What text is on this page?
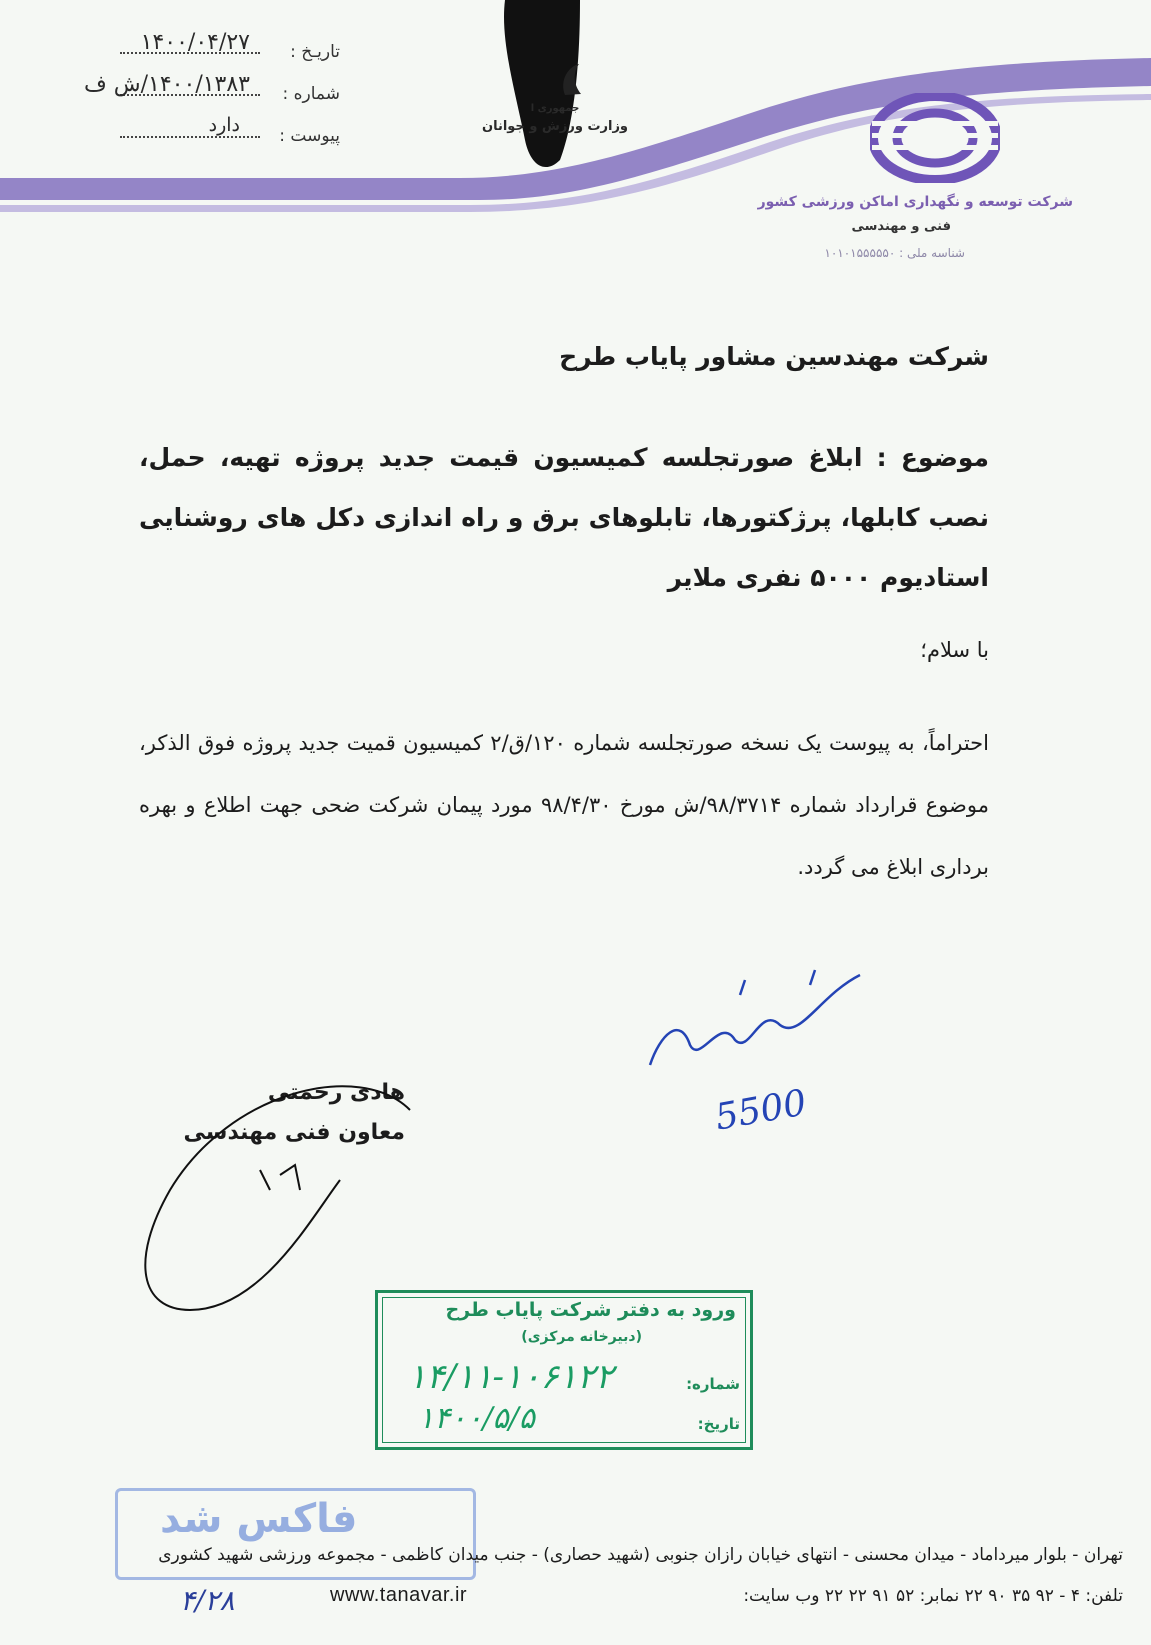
جمهوری ا
وزارت ورزش و جوانان
تاریـخ :
۱۴۰۰/۰۴/۲۷
شماره :
۱۴۰۰/۱۳۸۳/ش ف
پیوست :
دارد
شرکت توسعه و نگهداری اماکن ورزشی کشور
فنی و مهندسی
شناسه ملی : ۱۰۱۰۱۵۵۵۵۵۰
شرکت مهندسین مشاور پایاب طرح
موضوع : ابلاغ صورتجلسه کمیسیون قیمت جدید پروژه تهیه، حمل، نصب کابلها، پرژکتورها، تابلوهای برق و راه اندازی دکل های روشنایی استادیوم ۵۰۰۰ نفری ملایر
با سلام؛
احتراماً، به پیوست یک نسخه صورتجلسه شماره ۱۲۰/ق/۲ کمیسیون قمیت جدید پروژه فوق الذکر، موضوع قرارداد شماره ۹۸/۳۷۱۴/ش مورخ ۹۸/۴/۳۰ مورد پیمان شرکت ضحی جهت اطلاع و بهره برداری ابلاغ می گردد.
هادی رحمتی
معاون فنی مهندسی	5500
ورود به دفتر شرکت پایاب طرح
(دبیرخانه مرکزی)
شماره:
۱۴/۱۱-۱۰۶۱۲۲
تاریخ:
۱۴۰۰/۵/۵
فاکس شد
۴/۲۸
تهران - بلوار میرداماد - میدان محسنی - انتهای خیابان رازان جنوبی (شهید حصاری) - جنب میدان کاظمی - مجموعه ورزشی شهید کشوری
تلفن: ۴ - ۹۲ ۳۵ ۹۰ ۲۲ نمابر: ۵۲ ۹۱ ۲۲ ۲۲ وب سایت:
www.tanavar.ir
